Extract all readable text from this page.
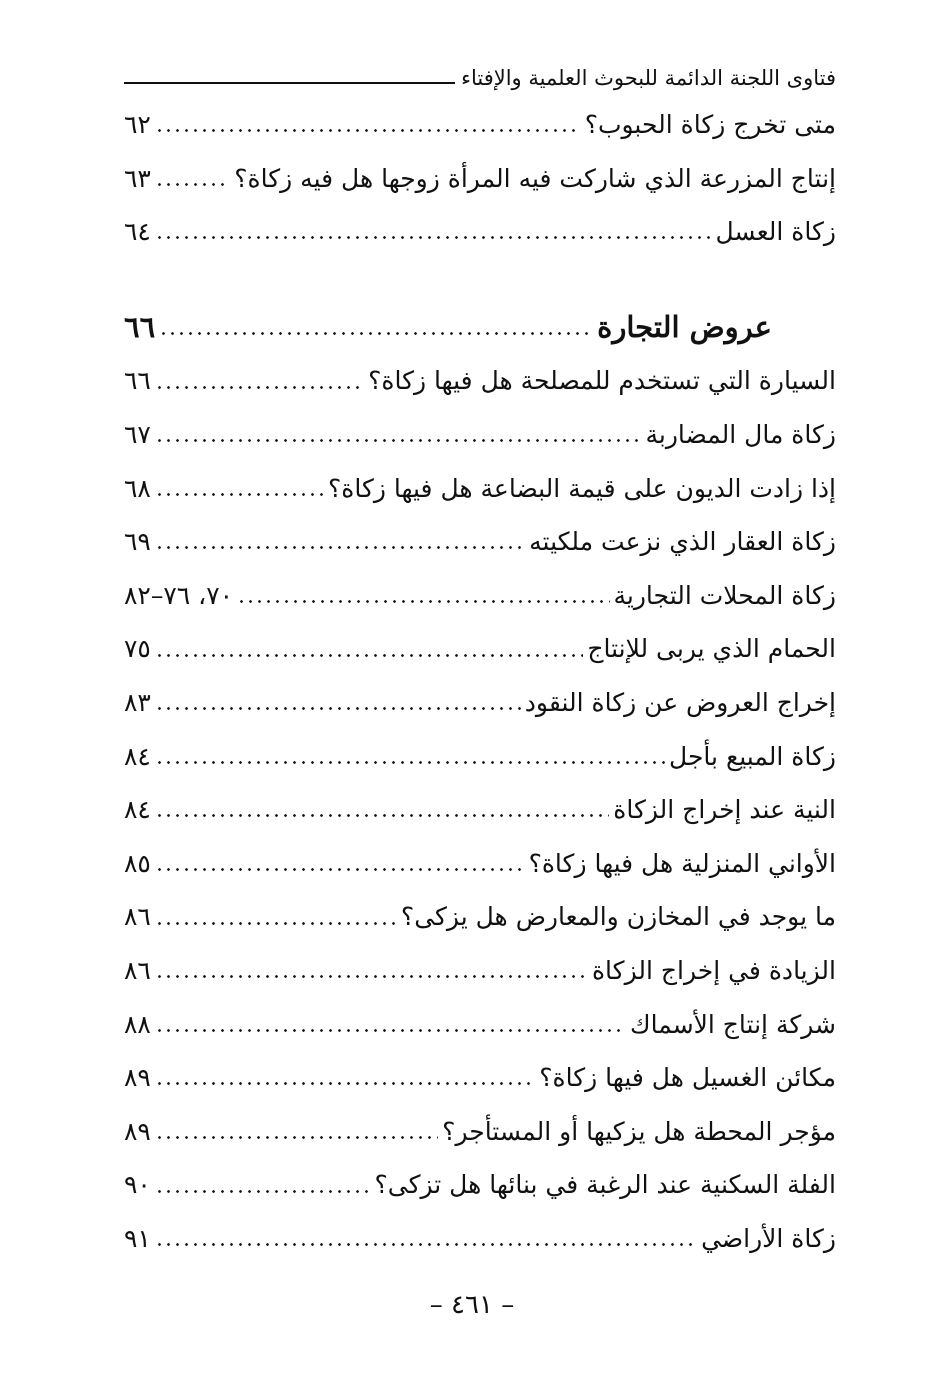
فتاوى اللجنة الدائمة للبحوث العلمية والإفتاء
متى تخرج زكاة الحبوب؟
٦٢
إنتاج المزرعة الذي شاركت فيه المرأة زوجها هل فيه زكاة؟
٦٣
زكاة العسل
٦٤
عروض التجارة
٦٦
السيارة التي تستخدم للمصلحة هل فيها زكاة؟
٦٦
زكاة مال المضاربة
٦٧
إذا زادت الديون على قيمة البضاعة هل فيها زكاة؟
٦٨
زكاة العقار الذي نزعت ملكيته
٦٩
زكاة المحلات التجارية
٧٠، ٧٦–٨٢
الحمام الذي يربى للإنتاج
٧٥
إخراج العروض عن زكاة النقود
٨٣
زكاة المبيع بأجل
٨٤
النية عند إخراج الزكاة
٨٤
الأواني المنزلية هل فيها زكاة؟
٨٥
ما يوجد في المخازن والمعارض هل يزكى؟
٨٦
الزيادة في إخراج الزكاة
٨٦
شركة إنتاج الأسماك
٨٨
مكائن الغسيل هل فيها زكاة؟
٨٩
مؤجر المحطة هل يزكيها أو المستأجر؟
٨٩
الفلة السكنية عند الرغبة في بنائها هل تزكى؟
٩٠
زكاة الأراضي
٩١
– ٤٦١ –
